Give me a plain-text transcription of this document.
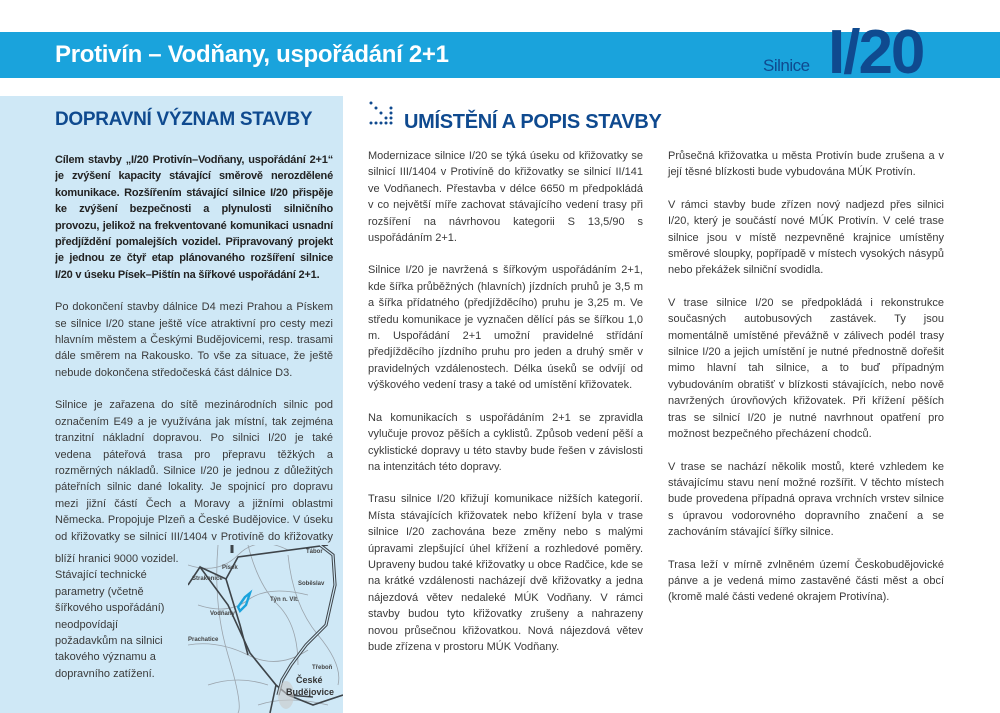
Protivín – Vodňany, uspořádání 2+1	Silnice I/20
DOPRAVNÍ VÝZNAM STAVBY

Cílem stavby „I/20 Protivín–Vodňany, uspořádání 2+1“ je zvýšení kapacity stávající směrově nerozdělené komunikace. Rozšířením stávající silnice I/20 přispěje ke zvýšení bezpečnosti a plynulosti silničního provozu, jelikož na frekventované komunikaci usnadní předjíždění pomalejších vozidel. Připravovaný projekt je jednou ze čtyř etap plánovaného rozšíření silnice I/20 v úseku Písek–Pištín na šířkové uspořádání 2+1.

Po dokončení stavby dálnice D4 mezi Prahou a Pískem se silnice I/20 stane ještě více atraktivní pro cesty mezi hlavním městem a Českými Budějovicemi, resp. trasami dále směrem na Rakousko. To vše za situace, že ještě nebude dokončena středočeská část dálnice D3.

Silnice je zařazena do sítě mezinárodních silnic pod označením E49 a je využívána jak místní, tak zejména tranzitní nákladní dopravou. Po silnici I/20 je také vedena páteřová trasa pro přepravu těžkých a rozměrných nákladů. Silnice I/20 je jednou z důležitých páteřních silnic dané lokality. Je spojnicí pro dopravu mezi jižní částí Čech a Moravy a jižními oblastmi Německa. Propojuje Plzeň a České Budějovice. V úseku od křižovatky se silnicí III/1404 v Protivíně do křižovatky

blíží hranici 9000 vozidel. Stávající technické parametry (včetně šířkového uspořádání) neodpovídají požadavkům na silnici takového významu a dopravního zatížení.

Písek
Strakonice
Vodňany
Prachatice
Týn n. Vlt.
Tábor
Soběslav
Třeboň
České
Budějovice
UMÍSTĚNÍ A POPIS STAVBY

Modernizace silnice I/20 se týká úseku od křižovatky se silnicí III/1404 v Protivíně do křižovatky se silnicí II/141 ve Vodňanech. Přestavba v délce 6650 m předpokládá v co největší míře zachovat stávajícího vedení trasy při rozšíření na návrhovou kategorii S 13,5/90 s uspořádáním 2+1.

Silnice I/20 je navržená s šířkovým uspořádáním 2+1, kde šířka průběžných (hlavních) jízdních pruhů je 3,5 m a šířka přídatného (předjížděcího) pruhu je 3,25 m. Ve středu komunikace je vyznačen dělící pás se šířkou 1,0 m. Uspořádání 2+1 umožní pravidelné střídání předjížděcího jízdního pruhu pro jeden a druhý směr v pravidelných vzdálenostech. Délka úseků se odvíjí od výškového vedení trasy a také od umístění křižovatek.

Na komunikacích s uspořádáním 2+1 se zpravidla vylučuje provoz pěších a cyklistů. Způsob vedení pěší a cyklistické dopravy u této stavby bude řešen v závislosti na intenzitách této dopravy.

Trasu silnice I/20 křižují komunikace nižších kategorií. Místa stávajících křižovatek nebo křížení byla v trase silnice I/20 zachována beze změny nebo s malými úpravami zlepšující úhel křížení a rozhledové poměry. Upraveny budou také křižovatky u obce Radčice, kde se na krátké vzdálenosti nacházejí dvě křižovatky a jedna nájezdová větev nedaleké MÚK Vodňany. V rámci stavby budou tyto křižovatky zrušeny a nahrazeny novou průsečnou křižovatkou. Nová nájezdová větev bude zřízena v prostoru MÚK Vodňany.

Průsečná křižovatka u města Protivín bude zrušena a v její těsné blízkosti bude vybudována MÚK Protivín.

V rámci stavby bude zřízen nový nadjezd přes silnici I/20, který je součástí nové MÚK Protivín. V celé trase silnice jsou v místě nezpevněné krajnice umístěny směrové sloupky, popřípadě v místech vysokých násypů nebo překážek silniční svodidla.

V trase silnice I/20 se předpokládá i rekonstrukce současných autobusových zastávek. Ty jsou momentálně umístěné převážně v zálivech podél trasy silnice I/20 a jejich umístění je nutné přednostně dořešit mimo hlavní tah silnice, a to buď případným vybudováním obratišť v blízkosti stávajících, nebo nově navržených úrovňových křižovatek. Při křížení pěších tras se silnicí I/20 je nutné navrhnout opatření pro možnost bezpečného přecházení chodců.

V trase se nachází několik mostů, které vzhledem ke stávajícímu stavu není možné rozšířit. V těchto místech bude provedena případná oprava vrchních vrstev silnice s úpravou vodorovného dopravního značení a se zachováním stávající šířky silnice.

Trasa leží v mírně zvlněném území Českobudějovické pánve a je vedená mimo zastavěné části měst a obcí (kromě malé části vedené okrajem Protivína).
